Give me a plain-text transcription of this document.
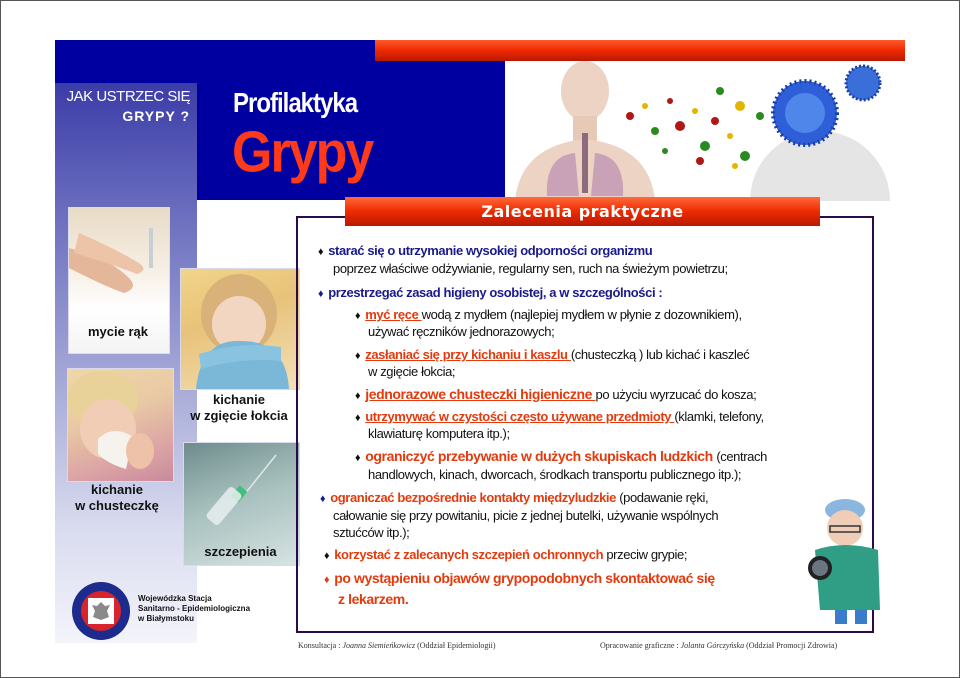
JAK USTRZEC SIĘ
GRYPY ? Profilaktyka
Grypy
mycie rąk
kichanie
w zgięcie łokcia
kichanie
w chusteczkę
szczepienia
Zalecenia praktyczne
♦ starać się o utrzymanie wysokiej odporności organizmu
poprzez właściwe odżywianie, regularny sen, ruch na świeżym powietrzu;
♦ przestrzegać zasad higieny osobistej, a w szczególności :
♦ myć ręce wodą z mydłem (najlepiej mydłem w płynie z dozownikiem),
używać ręczników jednorazowych;
♦ zasłaniać się przy kichaniu i kaszlu (chusteczką ) lub kichać i kaszleć
w zgięcie łokcia;
♦ jednorazowe chusteczki higieniczne po użyciu wyrzucać do kosza;
♦ utrzymywać w czystości często używane przedmioty (klamki, telefony,
klawiaturę komputera itp.);
♦ ograniczyć przebywanie w dużych skupiskach ludzkich (centrach
handlowych, kinach, dworcach, środkach transportu publicznego itp.);
♦ ograniczać bezpośrednie kontakty międzyludzkie (podawanie ręki,
całowanie się przy powitaniu, picie z jednej butelki, używanie wspólnych
sztućców itp.);
♦ korzystać z zalecanych szczepień ochronnych przeciw grypie;
♦ po wystąpieniu objawów grypopodobnych skontaktować się
z lekarzem.
Wojewódzka Stacja
Sanitarno - Epidemiologiczna
w Białymstoku
Konsultacja : Joanna Siemieńkowicz (Oddział Epidemiologii)	Opracowanie graficzne : Jolanta Górczyńska (Oddział Promocji Zdrowia)
